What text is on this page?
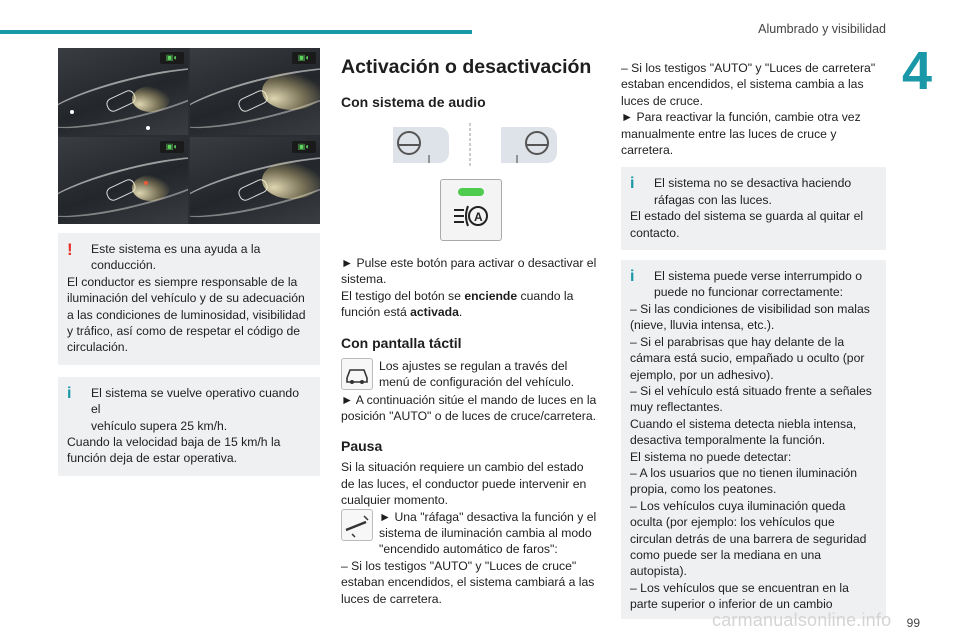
Alumbrado y visibilidad
4
▣◐	▣◐
▣◐	▣◐
!	Este sistema es una ayuda a la
conducción.
El conductor es siempre responsable de la iluminación del vehículo y de su adecuación a las condiciones de luminosidad, visibilidad y tráfico, así como de respetar el código de circulación.
i	El sistema se vuelve operativo cuando el
vehículo supera 25 km/h.
Cuando la velocidad baja de 15 km/h la función deja de estar operativa.
Activación o desactivación
Con sistema de audio
A

► Pulse este botón para activar o desactivar el sistema.

El testigo del botón se enciende cuando la función está activada.

Con pantalla táctil

Los ajustes se regulan a través del menú de configuración del vehículo.

► A continuación sitúe el mando de luces en la posición "AUTO" o de luces de cruce/carretera.

Pausa

Si la situación requiere un cambio del estado de las luces, el conductor puede intervenir en cualquier momento.

► Una "ráfaga" desactiva la función y el sistema de iluminación cambia al modo "encendido automático de faros":

– Si los testigos "AUTO" y "Luces de cruce" estaban encendidos, el sistema cambiará a las luces de carretera.

– Si los testigos "AUTO" y "Luces de carretera" estaban encendidos, el sistema cambia a las luces de cruce.

► Para reactivar la función, cambie otra vez manualmente entre las luces de cruce y carretera.

i	El sistema no se desactiva haciendo
ráfagas con las luces.
El estado del sistema se guarda al quitar el contacto.
i	El sistema puede verse interrumpido o
puede no funcionar correctamente:
– Si las condiciones de visibilidad son malas (nieve, lluvia intensa, etc.).
– Si el parabrisas que hay delante de la cámara está sucio, empañado u oculto (por ejemplo, por un adhesivo).
– Si el vehículo está situado frente a señales muy reflectantes.
Cuando el sistema detecta niebla intensa, desactiva temporalmente la función.
El sistema no puede detectar:
– A los usuarios que no tienen iluminación propia, como los peatones.
– Los vehículos cuya iluminación queda oculta (por ejemplo: los vehículos que circulan detrás de una barrera de seguridad como puede ser la mediana en una autopista).
– Los vehículos que se encuentran en la parte superior o inferior de un cambio
carmanualsonline.info 99
